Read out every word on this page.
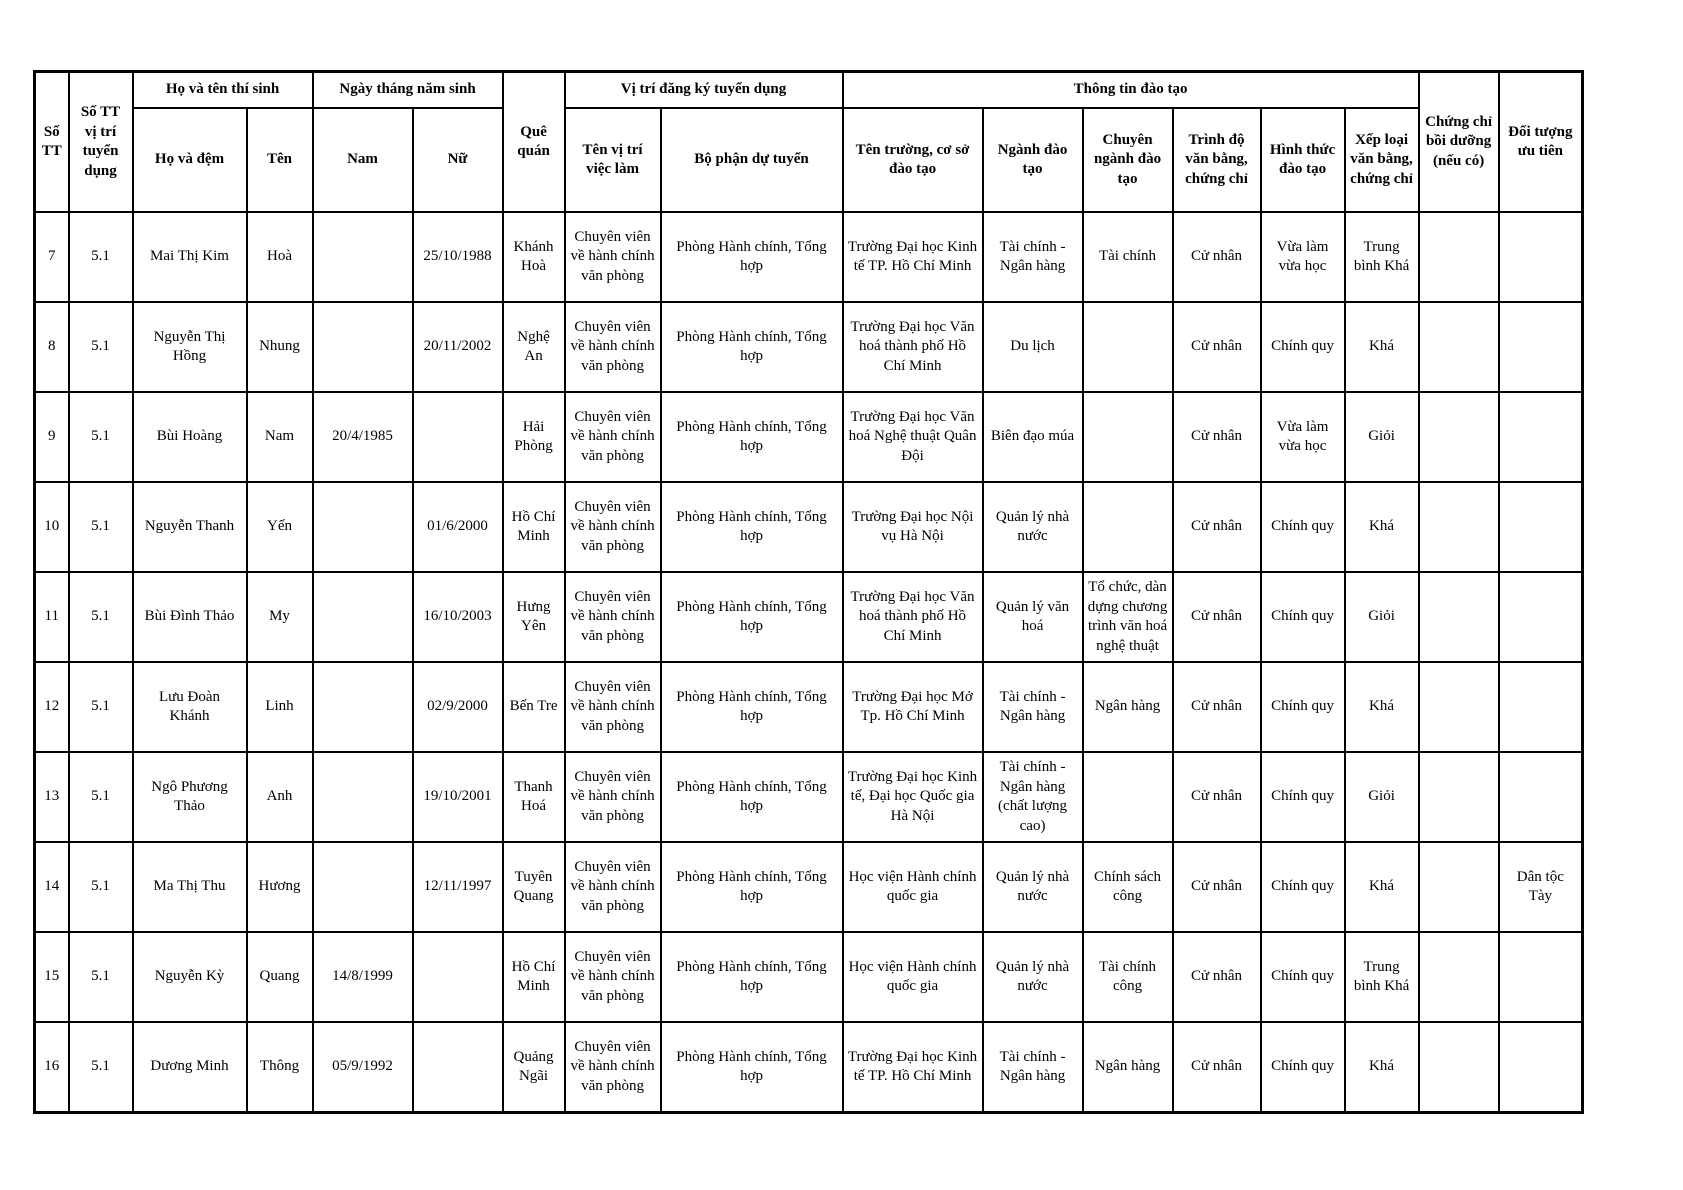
Số TT	Số TT vị trí tuyển dụng	Họ và tên thí sinh		Ngày tháng năm sinh		Quê quán	Vị trí đăng ký tuyển dụng		Thông tin đào tạo						Chứng chỉ bồi dưỡng (nếu có)	Đối tượng ưu tiên
		Họ và đệm	Tên	Nam	Nữ		Tên vị trí việc làm	Bộ phận dự tuyển	Tên trường, cơ sở đào tạo	Ngành đào tạo	Chuyên ngành đào tạo	Trình độ văn bằng, chứng chỉ	Hình thức đào tạo	Xếp loại văn bằng, chứng chỉ		
7	5.1	Mai Thị Kim	Hoà		25/10/1988	Khánh Hoà	Chuyên viên về hành chính văn phòng	Phòng Hành chính, Tổng hợp	Trường Đại học Kinh tế TP. Hồ Chí Minh	Tài chính - Ngân hàng	Tài chính	Cử nhân	Vừa làm vừa học	Trung bình Khá		
8	5.1	Nguyễn Thị Hồng	Nhung		20/11/2002	Nghệ An	Chuyên viên về hành chính văn phòng	Phòng Hành chính, Tổng hợp	Trường Đại học Văn hoá thành phố Hồ Chí Minh	Du lịch		Cử nhân	Chính quy	Khá		
9	5.1	Bùi Hoàng	Nam	20/4/1985		Hải Phòng	Chuyên viên về hành chính văn phòng	Phòng Hành chính, Tổng hợp	Trường Đại học Văn hoá Nghệ thuật Quân Đội	Biên đạo múa		Cử nhân	Vừa làm vừa học	Giỏi		
10	5.1	Nguyễn Thanh	Yến		01/6/2000	Hồ Chí Minh	Chuyên viên về hành chính văn phòng	Phòng Hành chính, Tổng hợp	Trường Đại học Nội vụ Hà Nội	Quản lý nhà nước		Cử nhân	Chính quy	Khá		
11	5.1	Bùi Đình Thảo	My		16/10/2003	Hưng Yên	Chuyên viên về hành chính văn phòng	Phòng Hành chính, Tổng hợp	Trường Đại học Văn hoá thành phố Hồ Chí Minh	Quản lý văn hoá	Tổ chức, dàn dựng chương trình văn hoá nghệ thuật	Cử nhân	Chính quy	Giỏi		
12	5.1	Lưu Đoàn Khánh	Linh		02/9/2000	Bến Tre	Chuyên viên về hành chính văn phòng	Phòng Hành chính, Tổng hợp	Trường Đại học Mở Tp. Hồ Chí Minh	Tài chính - Ngân hàng	Ngân hàng	Cử nhân	Chính quy	Khá		
13	5.1	Ngô Phương Thảo	Anh		19/10/2001	Thanh Hoá	Chuyên viên về hành chính văn phòng	Phòng Hành chính, Tổng hợp	Trường Đại học Kinh tế, Đại học Quốc gia Hà Nội	Tài chính - Ngân hàng (chất lượng cao)		Cử nhân	Chính quy	Giỏi		
14	5.1	Ma Thị Thu	Hương		12/11/1997	Tuyên Quang	Chuyên viên về hành chính văn phòng	Phòng Hành chính, Tổng hợp	Học viện Hành chính quốc gia	Quản lý nhà nước	Chính sách công	Cử nhân	Chính quy	Khá		Dân tộc Tày
15	5.1	Nguyễn Kỳ	Quang	14/8/1999		Hồ Chí Minh	Chuyên viên về hành chính văn phòng	Phòng Hành chính, Tổng hợp	Học viện Hành chính quốc gia	Quản lý nhà nước	Tài chính công	Cử nhân	Chính quy	Trung bình Khá		
16	5.1	Dương Minh	Thông	05/9/1992		Quảng Ngãi	Chuyên viên về hành chính văn phòng	Phòng Hành chính, Tổng hợp	Trường Đại học Kinh tế TP. Hồ Chí Minh	Tài chính - Ngân hàng	Ngân hàng	Cử nhân	Chính quy	Khá		
